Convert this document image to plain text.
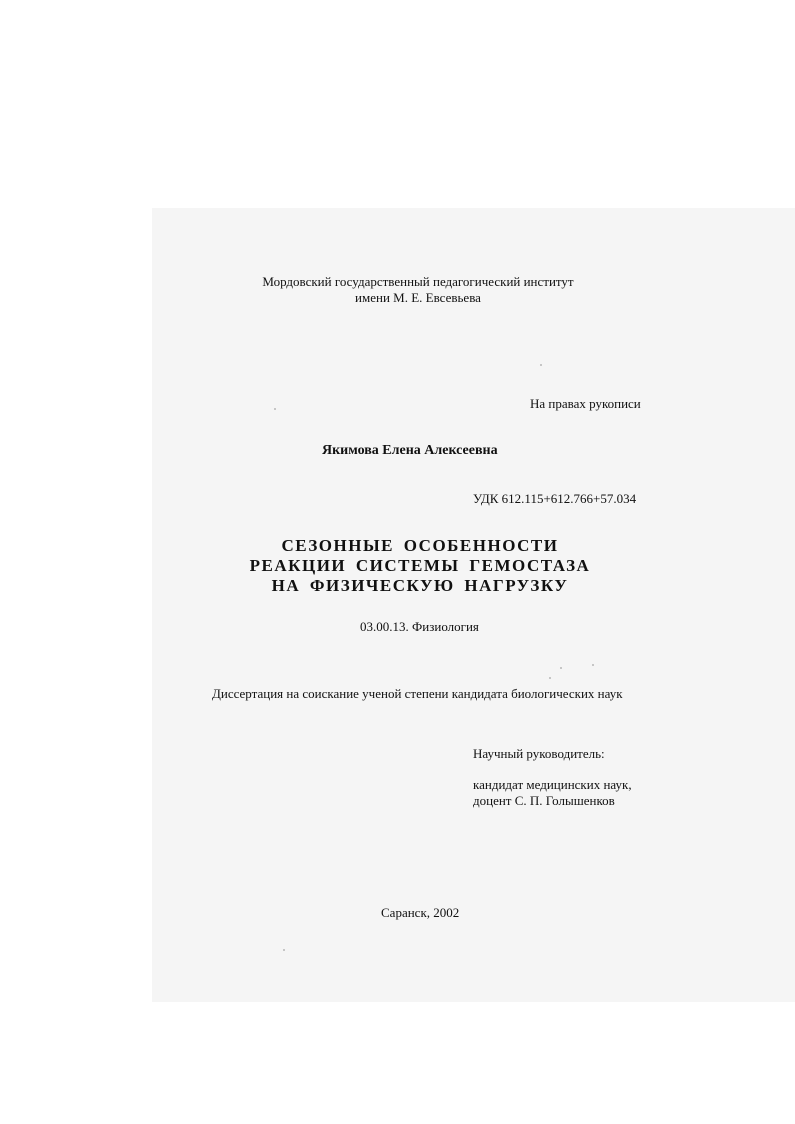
Мордовский государственный педагогический институт
имени М. Е. Евсевьева
На правах рукописи
Якимова Елена Алексеевна
УДК 612.115+612.766+57.034
СЕЗОННЫЕ ОСОБЕННОСТИ
РЕАКЦИИ СИСТЕМЫ ГЕМОСТАЗА
НА ФИЗИЧЕСКУЮ НАГРУЗКУ
03.00.13. Физиология
Диссертация на соискание ученой степени кандидата биологических наук
Научный руководитель:
кандидат медицинских наук,
доцент С. П. Голышенков
Саранск, 2002
